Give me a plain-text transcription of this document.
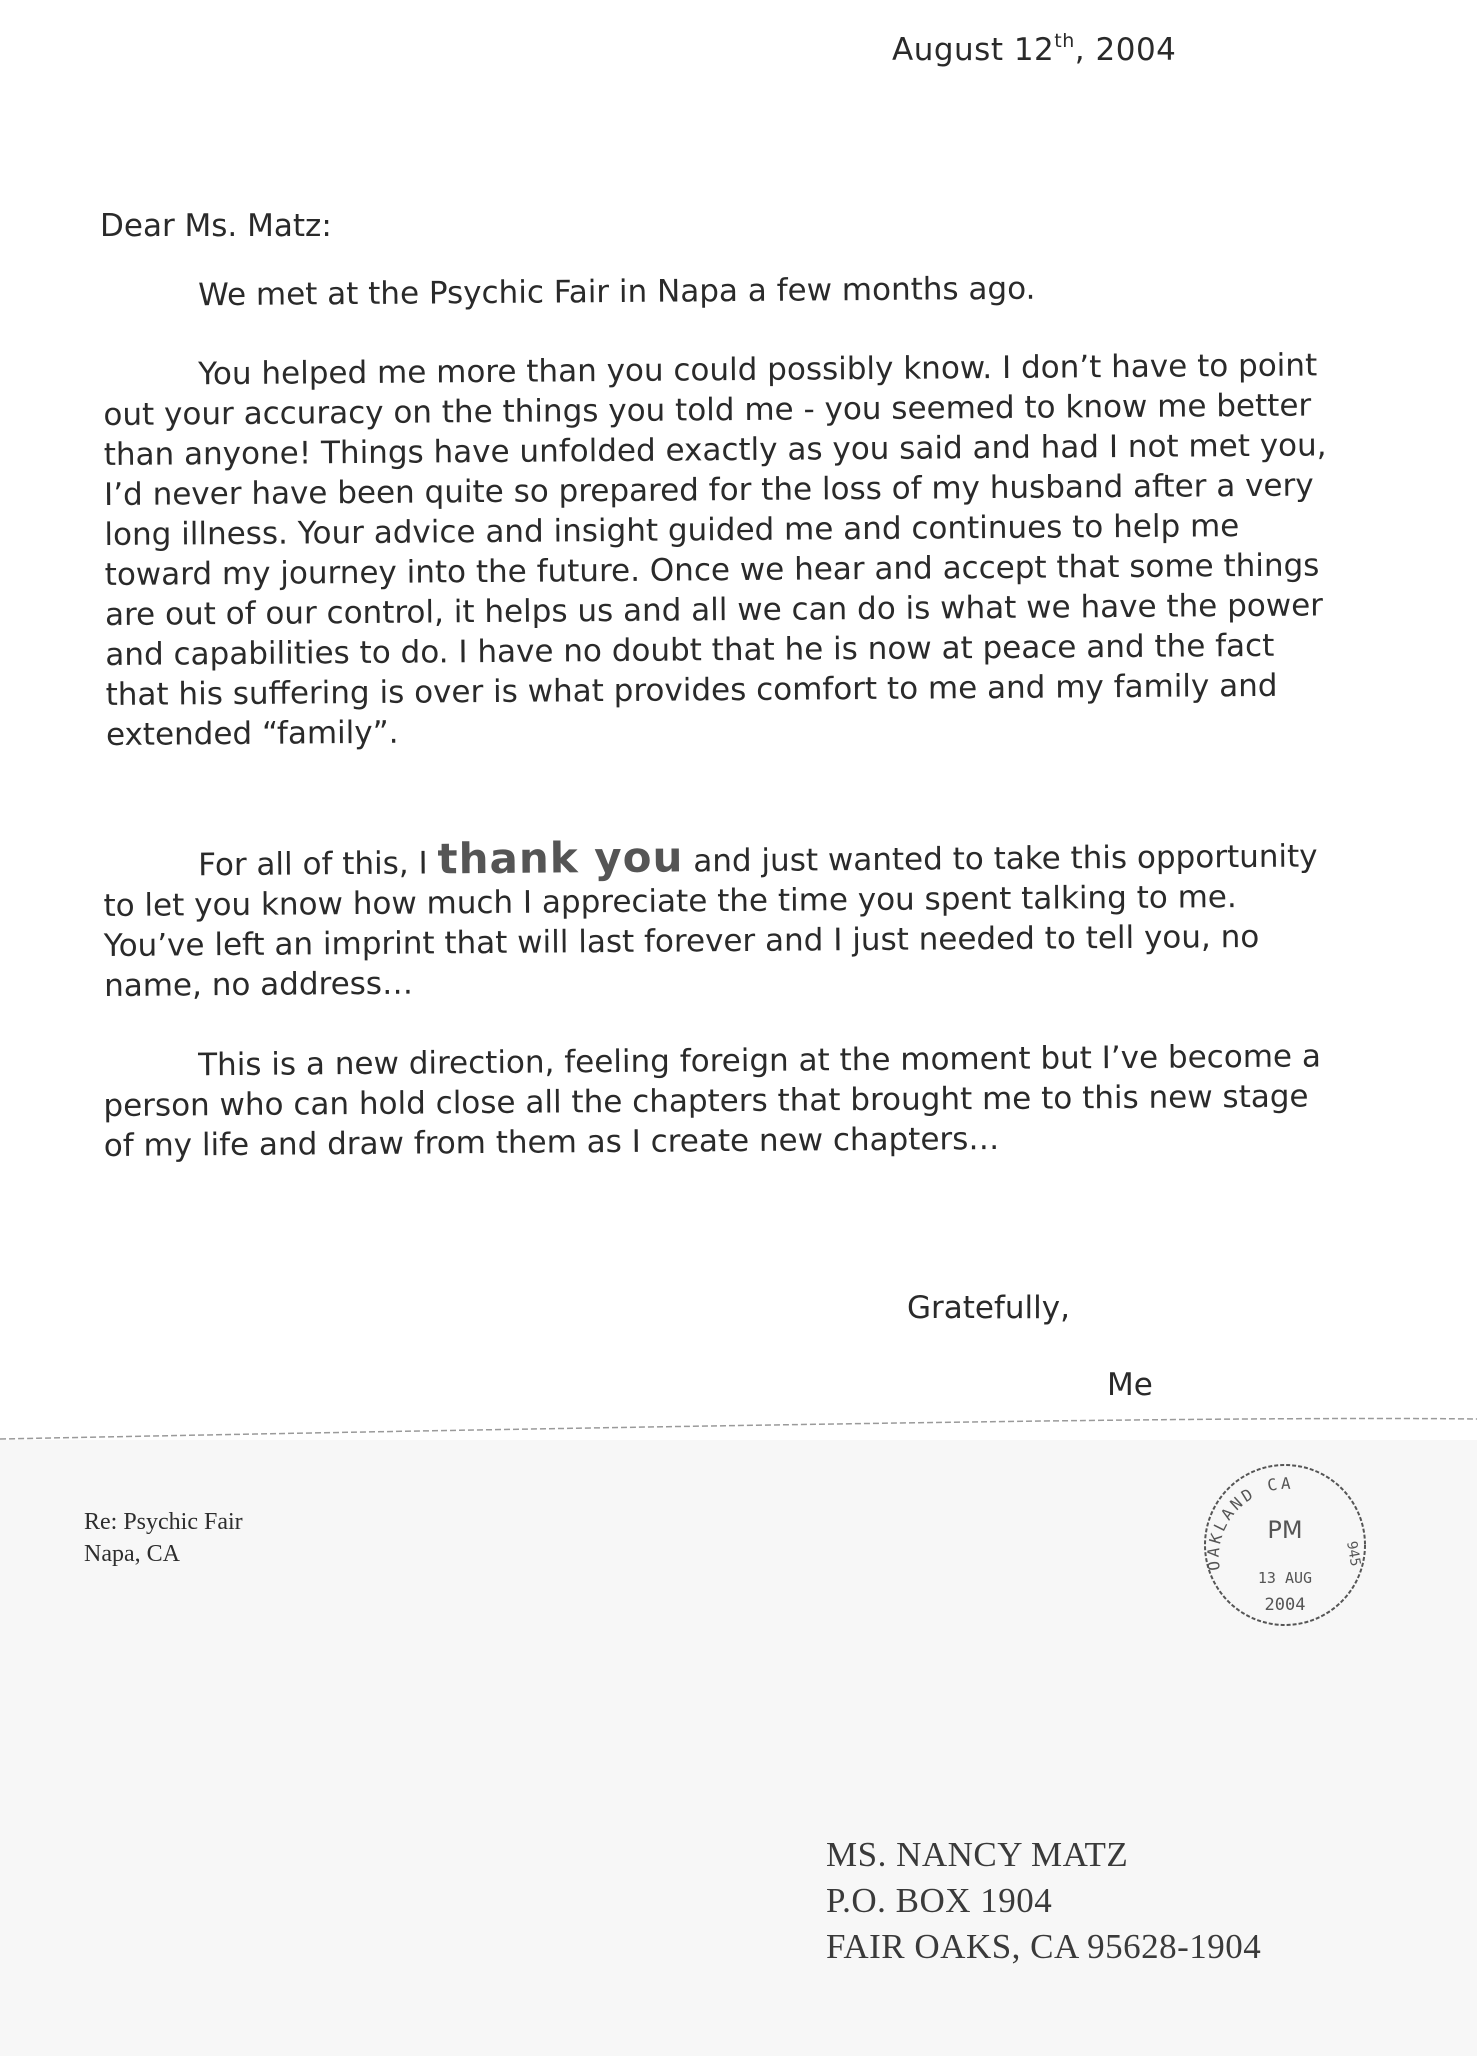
August 12th, 2004
Dear Ms. Matz:

We met at the Psychic Fair in Napa a few months ago.

You helped me more than you could possibly know. I don’t have to point out your accuracy on the things you told me - you seemed to know me better than anyone! Things have unfolded exactly as you said and had I not met you, I’d never have been quite so prepared for the loss of my husband after a very long illness. Your advice and insight guided me and continues to help me toward my journey into the future. Once we hear and accept that some things are out of our control, it helps us and all we can do is what we have the power and capabilities to do. I have no doubt that he is now at peace and the fact that his suffering is over is what provides comfort to me and my family and extended “family”.

For all of this, I thank you and just wanted to take this opportunity to let you know how much I appreciate the time you spent talking to me. You’ve left an imprint that will last forever and I just needed to tell you, no name, no address…

This is a new direction, feeling foreign at the moment but I’ve become a person who can hold close all the chapters that brought me to this new stage of my life and draw from them as I create new chapters…

Gratefully,
Me
Re: Psychic Fair
Napa, CA	OAKLAND CA
945
PM
13 AUG
2004
MS. NANCY MATZ
P.O. BOX 1904
FAIR OAKS, CA 95628-1904
